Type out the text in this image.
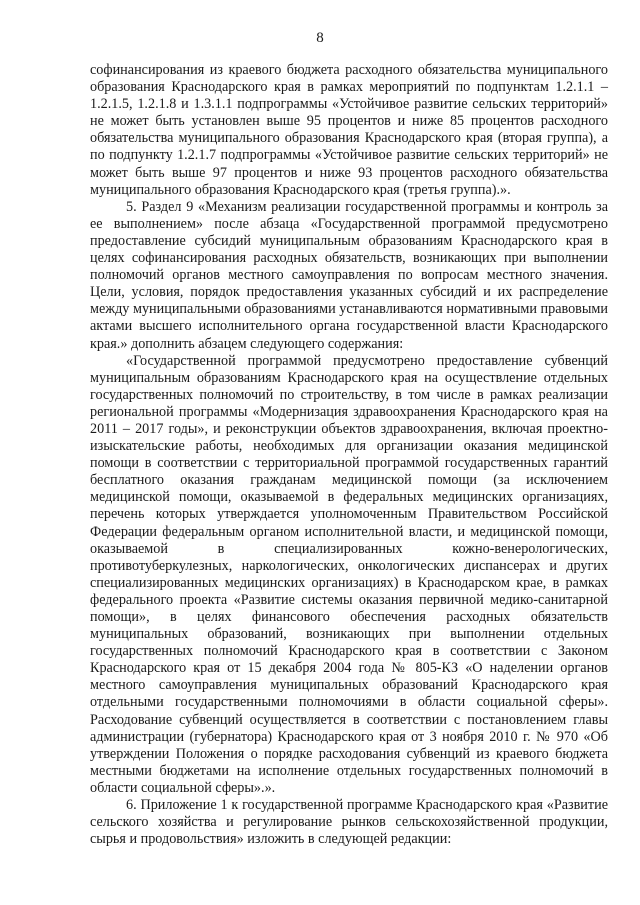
8

софинансирования из краевого бюджета расходного обязательства муниципального образования Краснодарского края в рамках мероприятий по подпунктам 1.2.1.1 – 1.2.1.5, 1.2.1.8 и 1.3.1.1 подпрограммы «Устойчивое развитие сельских территорий» не может быть установлен выше 95 процентов и ниже 85 процентов расходного обязательства муниципального образования Краснодарского края (вторая группа), а по подпункту 1.2.1.7 подпрограммы «Устойчивое развитие сельских территорий» не может быть выше 97 процентов и ниже 93 процентов расходного обязательства муниципального образования Краснодарского края (третья группа).».

5. Раздел 9 «Механизм реализации государственной программы и контроль за ее выполнением» после абзаца «Государственной программой предусмотрено предоставление субсидий муниципальным образованиям Краснодарского края в целях софинансирования расходных обязательств, возникающих при выполнении полномочий органов местного самоуправления по вопросам местного значения. Цели, условия, порядок предоставления указанных субсидий и их распределение между муниципальными образованиями устанавливаются нормативными правовыми актами высшего исполнительного органа государственной власти Краснодарского края.» дополнить абзацем следующего содержания:

«Государственной программой предусмотрено предоставление субвенций муниципальным образованиям Краснодарского края на осуществление отдельных государственных полномочий по строительству, в том числе в рамках реализации региональной программы «Модернизация здравоохранения Краснодарского края на 2011 – 2017 годы», и реконструкции объектов здравоохранения, включая проектно-изыскательские работы, необходимых для организации оказания медицинской помощи в соответствии с территориальной программой государственных гарантий бесплатного оказания гражданам медицинской помощи (за исключением медицинской помощи, оказываемой в федеральных медицинских организациях, перечень которых утверждается уполномоченным Правительством Российской Федерации федеральным органом исполнительной власти, и медицинской помощи, оказываемой в специализированных кожно-венерологических, противотуберкулезных, наркологических, онкологических диспансерах и других специализированных медицинских организациях) в Краснодарском крае, в рамках федерального проекта «Развитие системы оказания первичной медико-санитарной помощи», в целях финансового обеспечения расходных обязательств муниципальных образований, возникающих при выполнении отдельных государственных полномочий Краснодарского края в соответствии с Законом Краснодарского края от 15 декабря 2004 года № 805-КЗ «О наделении органов местного самоуправления муниципальных образований Краснодарского края отдельными государственными полномочиями в области социальной сферы». Расходование субвенций осуществляется в соответствии с постановлением главы администрации (губернатора) Краснодарского края от 3 ноября 2010 г. № 970 «Об утверждении Положения о порядке расходования субвенций из краевого бюджета местными бюджетами на исполнение отдельных государственных полномочий в области социальной сферы».».

6. Приложение 1 к государственной программе Краснодарского края «Развитие сельского хозяйства и регулирование рынков сельскохозяйственной продукции, сырья и продовольствия» изложить в следующей редакции:
